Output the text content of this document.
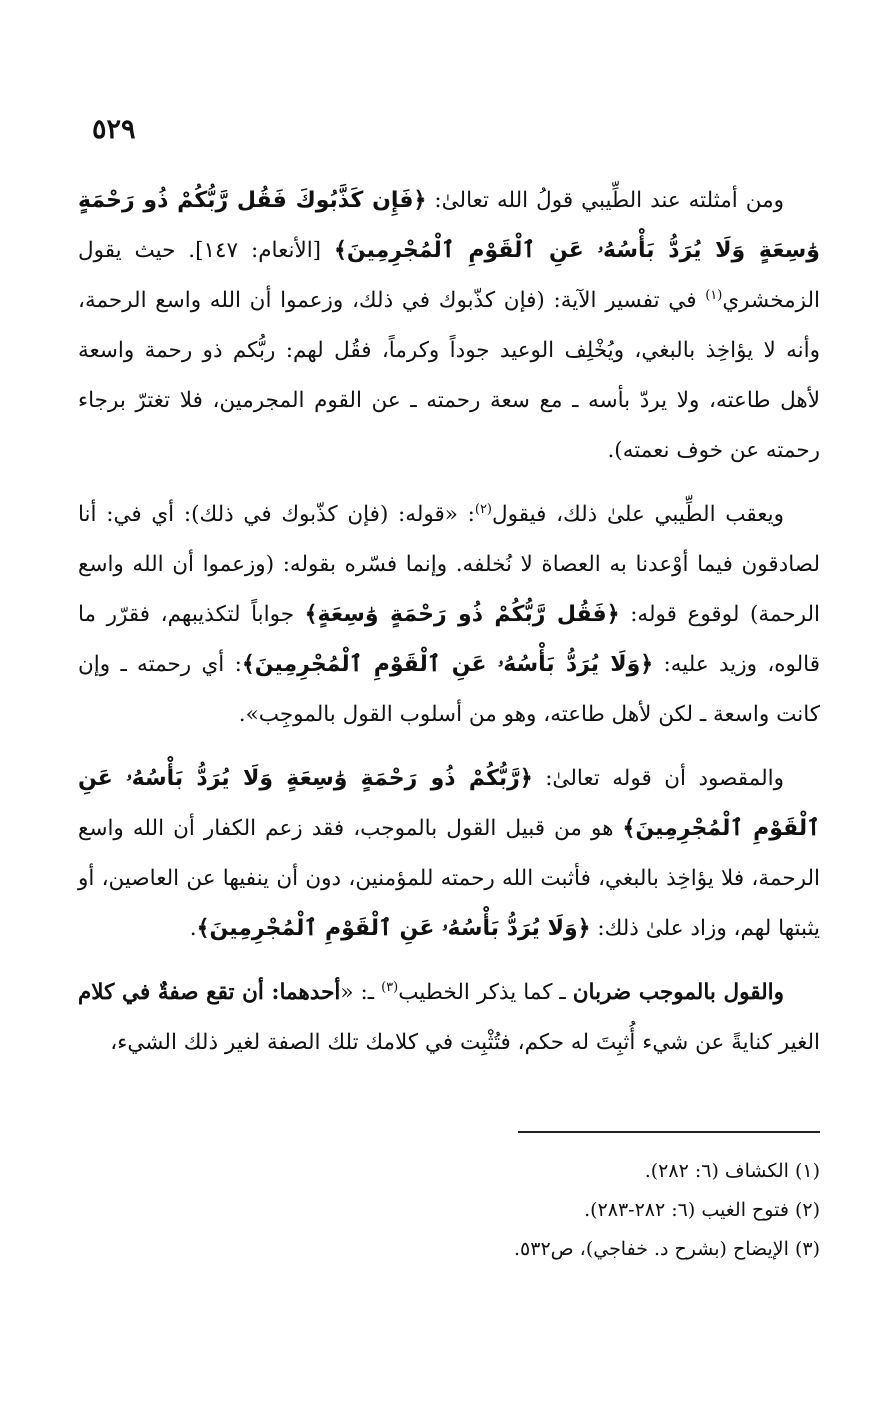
٥٢٩

ومن أمثلته عند الطِّيبي قولُ الله تعالىٰ: ﴿فَإِن كَذَّبُوكَ فَقُل رَّبُّكُمْ ذُو رَحْمَةٍ وَٰسِعَةٍ وَلَا يُرَدُّ بَأْسُهُۥ عَنِ ٱلْقَوْمِ ٱلْمُجْرِمِينَ﴾ [الأنعام: ١٤٧]. حيث يقول الزمخشري$^{(١)}$ في تفسير الآية: (فإن كذّبوك في ذلك، وزعموا أن الله واسع الرحمة، وأنه لا يؤاخِذ بالبغي، ويُخْلِف الوعيد جوداً وكرماً، فقُل لهم: ربُّكم ذو رحمة واسعة لأهل طاعته، ولا يردّ بأسه ـ مع سعة رحمته ـ عن القوم المجرمين، فلا تغترّ برجاء رحمته عن خوف نعمته).

ويعقب الطِّيبي علىٰ ذلك، فيقول$^{(٢)}$: «قوله: (فإن كذّبوك في ذلك): أي في: أنا لصادقون فيما أوْعدنا به العصاة لا نُخلفه. وإنما فسّره بقوله: (وزعموا أن الله واسع الرحمة) لوقوع قوله: ﴿فَقُل رَّبُّكُمْ ذُو رَحْمَةٍ وَٰسِعَةٍ﴾ جواباً لتكذيبهم، فقرّر ما قالوه، وزيد عليه: ﴿وَلَا يُرَدُّ بَأْسُهُۥ عَنِ ٱلْقَوْمِ ٱلْمُجْرِمِينَ﴾: أي رحمته ـ وإن كانت واسعة ـ لكن لأهل طاعته، وهو من أسلوب القول بالموجِب».

والمقصود أن قوله تعالىٰ: ﴿رَّبُّكُمْ ذُو رَحْمَةٍ وَٰسِعَةٍ وَلَا يُرَدُّ بَأْسُهُۥ عَنِ ٱلْقَوْمِ ٱلْمُجْرِمِينَ﴾ هو من قبيل القول بالموجب، فقد زعم الكفار أن الله واسع الرحمة، فلا يؤاخِذ بالبغي، فأثبت الله رحمته للمؤمنين، دون أن ينفيها عن العاصين، أو يثبتها لهم، وزاد علىٰ ذلك: ﴿وَلَا يُرَدُّ بَأْسُهُۥ عَنِ ٱلْقَوْمِ ٱلْمُجْرِمِينَ﴾.

والقول بالموجب ضربان ـ كما يذكر الخطيب$^{(٣)}$ ـ: «أحدهما: أن تقع صفةٌ في كلام الغير كنايةً عن شيء أُثبِتَ له حكم، فتُثْبِت في كلامك تلك الصفة لغير ذلك الشيء،

(١) الكشاف (٦: ٢٨٢).

(٢) فتوح الغيب (٦: ٢٨٢-٢٨٣).

(٣) الإيضاح (بشرح د. خفاجي)، ص٥٣٢.
